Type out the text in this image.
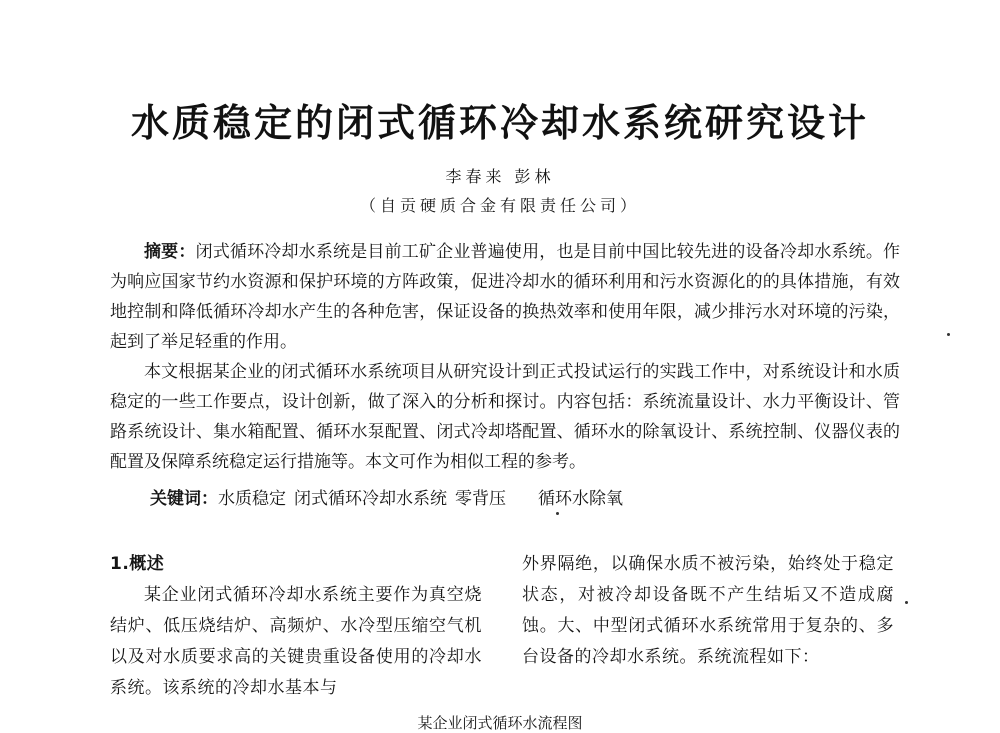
水质稳定的闭式循环冷却水系统研究设计
李春来 彭林
（自贡硬质合金有限责任公司）

摘要：闭式循环冷却水系统是目前工矿企业普遍使用，也是目前中国比较先进的设备冷却水系统。作为响应国家节约水资源和保护环境的方阵政策，促进冷却水的循环利用和污水资源化的的具体措施，有效地控制和降低循环冷却水产生的各种危害，保证设备的换热效率和使用年限，减少排污水对环境的污染，起到了举足轻重的作用。

本文根据某企业的闭式循环水系统项目从研究设计到正式投试运行的实践工作中，对系统设计和水质稳定的一些工作要点，设计创新，做了深入的分析和探讨。内容包括：系统流量设计、水力平衡设计、管路系统设计、集水箱配置、循环水泵配置、闭式冷却塔配置、循环水的除氧设计、系统控制、仪器仪表的配置及保障系统稳定运行措施等。本文可作为相似工程的参考。

关键词：水质稳定 闭式循环冷却水系统 零背压 循环水除氧

1.概述

某企业闭式循环冷却水系统主要作为真空烧结炉、低压烧结炉、高频炉、水冷型压缩空气机以及对水质要求高的关键贵重设备使用的冷却水系统。该系统的冷却水基本与

外界隔绝，以确保水质不被污染，始终处于稳定状态，对被冷却设备既不产生结垢又不造成腐蚀。大、中型闭式循环水系统常用于复杂的、多台设备的冷却水系统。系统流程如下：

某企业闭式循环水流程图
